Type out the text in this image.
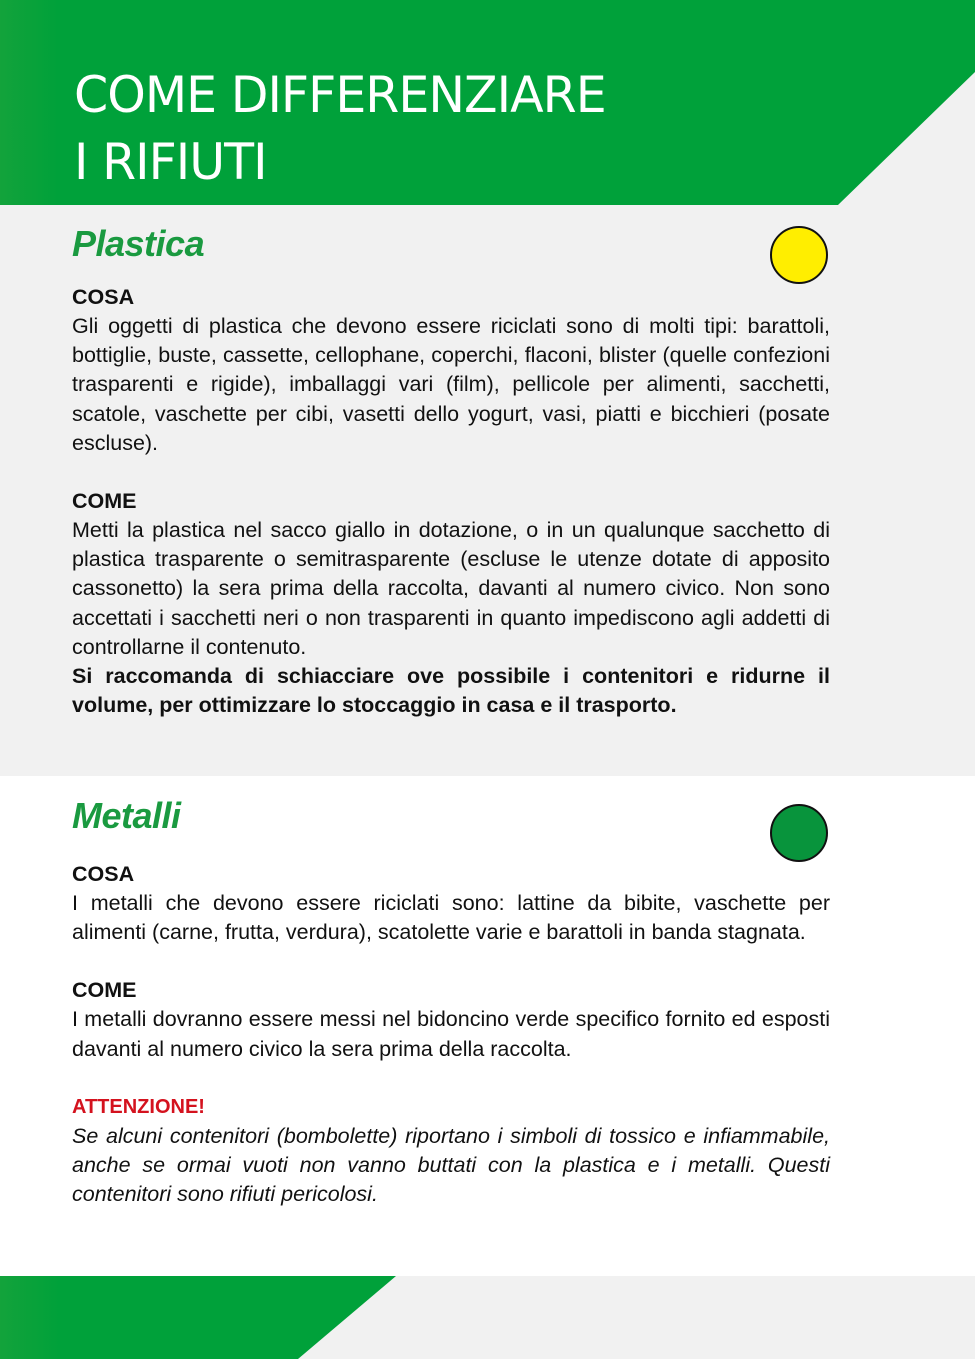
COME DIFFERENZIARE
I RIFIUTI
Plastica

COSA

Gli oggetti di plastica che devono essere riciclati sono di molti tipi: barattoli, bottiglie, buste, cassette, cellophane, coperchi, flaconi, blister (quelle confezioni trasparenti e rigide), imballaggi vari (film), pellicole per alimenti, sacchetti, scatole, vaschette per cibi, vasetti dello yogurt, vasi, piatti e bicchieri (posate escluse).

COME

Metti la plastica nel sacco giallo in dotazione, o in un qualunque sacchetto di plastica trasparente o semitrasparente (escluse le utenze dotate di apposito cassonetto) la sera prima della raccolta, davanti al numero civico. Non sono accettati i sacchetti neri o non trasparenti in quanto impediscono agli addetti di controllarne il contenuto.

Si raccomanda di schiacciare ove possibile i contenitori e ridurne il volume, per ottimizzare lo stoccaggio in casa e il trasporto.

Metalli

COSA

I metalli che devono essere riciclati sono: lattine da bibite, vaschette per alimenti (carne, frutta, verdura), scatolette varie e barattoli in banda stagnata.

COME

I metalli dovranno essere messi nel bidoncino verde specifico fornito ed esposti davanti al numero civico la sera prima della raccolta.

ATTENZIONE!

Se alcuni contenitori (bombolette) riportano i simboli di tossico e infiammabile, anche se ormai vuoti non vanno buttati con la plastica e i metalli. Questi contenitori sono rifiuti pericolosi.
